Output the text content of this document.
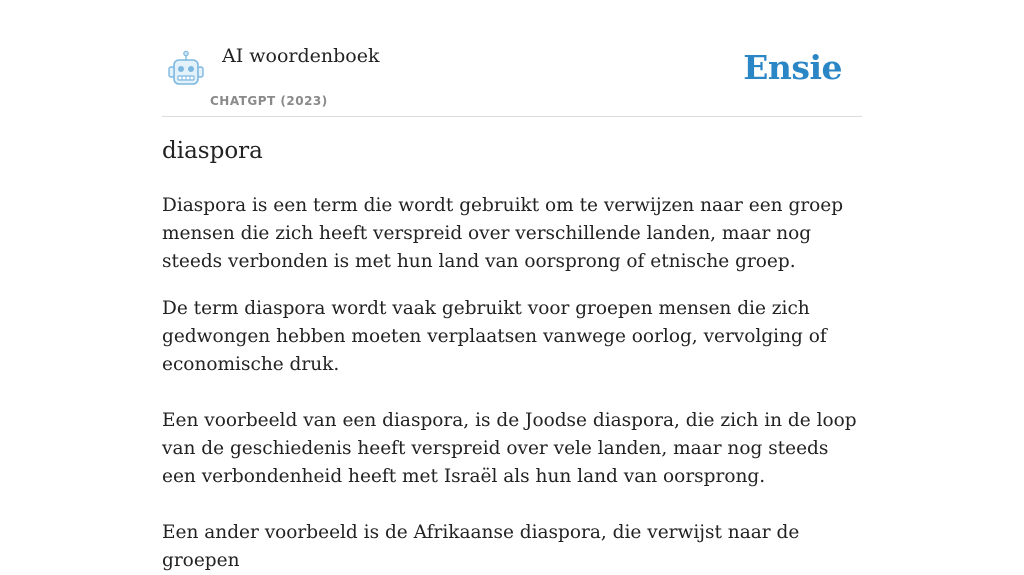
AI woordenboek
CHATGPT (2023)
Ensie
diaspora

Diaspora is een term die wordt gebruikt om te verwijzen naar een groep mensen die zich heeft verspreid over verschillende landen, maar nog steeds verbonden is met hun land van oorsprong of etnische groep.

De term diaspora wordt vaak gebruikt voor groepen mensen die zich gedwongen hebben moeten verplaatsen vanwege oorlog, vervolging of economische druk.

Een voorbeeld van een diaspora, is de Joodse diaspora, die zich in de loop van de geschiedenis heeft verspreid over vele landen, maar nog steeds een verbondenheid heeft met Israël als hun land van oorsprong.

Een ander voorbeeld is de Afrikaanse diaspora, die verwijst naar de groepen
